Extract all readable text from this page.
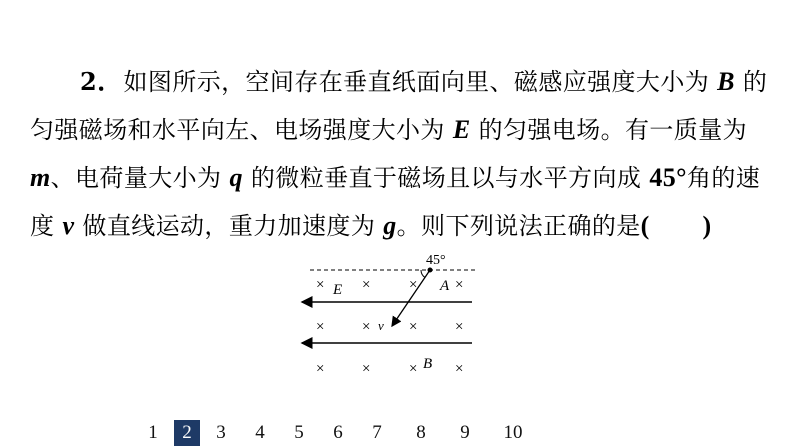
2．如图所示，空间存在垂直纸面向里、磁感应强度大小为 B 的匀强磁场和水平向左、电场强度大小为 E 的匀强电场。有一质量为m、电荷量大小为 q 的微粒垂直于磁场且以与水平方向成 45°角的速度 v 做直线运动，重力加速度为 g。则下列说法正确的是(　　)
45°
E	A
v
B
×	×	×	×
×	×	×	×
×	×	×	×
1	2	3	4	5	6	7	8	9	10
